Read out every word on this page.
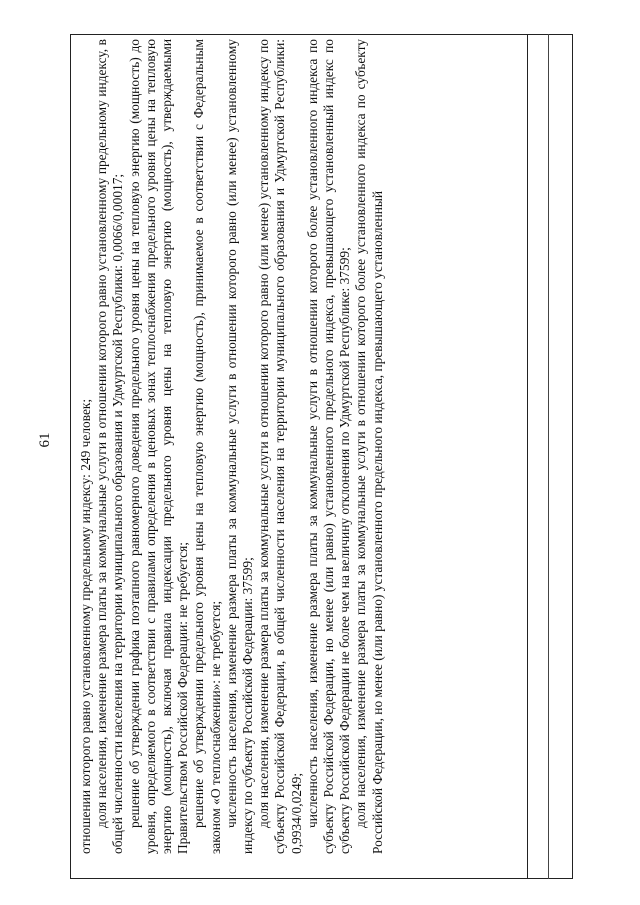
61 отношении которого равно установленному предельному индексу: 249 человек; доля населения, изменение размера платы за коммунальные услуги в отношении которого равно установленному предельному индексу, в общей численности населения на территории муниципального образования и Удмуртской Республики: 0,0066/0,00017; решение об утверждении графика поэтапного равномерного доведения предельного уровня цены на тепловую энергию (мощность) до уровня, определяемого в соответствии с правилами определения в ценовых зонах теплоснабжения предельного уровня цены на тепловую энергию (мощность), включая правила индексации предельного уровня цены на тепловую энергию (мощность), утверждаемыми Правительством Российской Федерации: не требуется; решение об утверждении предельного уровня цены на тепловую энергию (мощность), принимаемое в соответствии с Федеральным законом «О теплоснабжении»: не требуется; численность населения, изменение размера платы за коммунальные услуги в отношении которого равно (или менее) установленному индексу по субъекту Российской Федерации: 37599; доля населения, изменение размера платы за коммунальные услуги в отношении которого равно (или менее) установленному индексу по субъекту Российской Федерации, в общей численности населения на территории муниципального образования и Удмуртской Республики: 0,9934/0,0249; численность населения, изменение размера платы за коммунальные услуги в отношении которого более установленного индекса по субъекту Российской Федерации, но менее (или равно) установленного предельного индекса, превышающего установленный индекс по субъекту Российской Федерации не более чем на величину отклонения по Удмуртской Республике: 37599; доля населения, изменение размера платы за коммунальные услуги в отношении которого более установленного индекса по субъекту Российской Федерации, но менее (или равно) установленного предельного индекса, превышающего установленный
